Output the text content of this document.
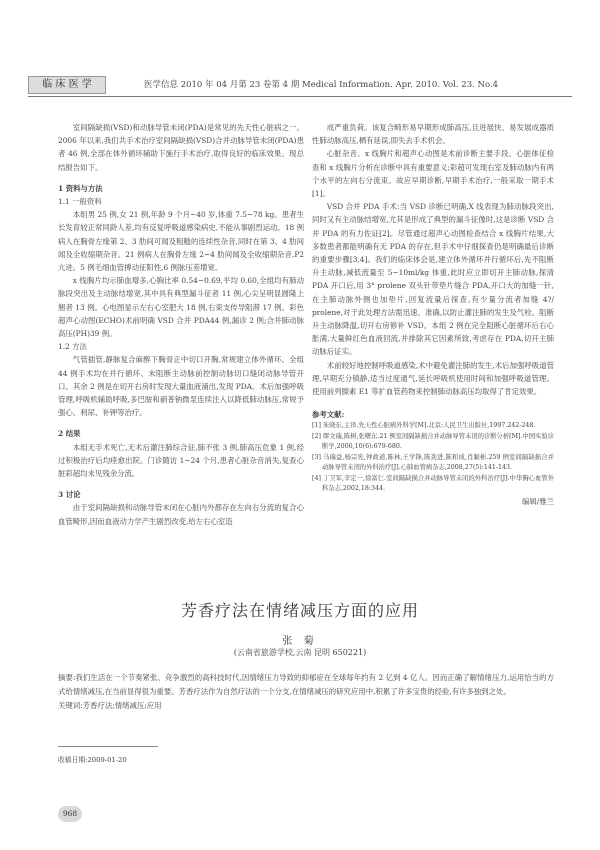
临 床 医 学	医学信息 2010 年 04 月第 23 卷第 4 期 Medical Information. Apr. 2010. Vol. 23. No.4

室间隔缺损(VSD)和动脉导管未闭(PDA)是常见的先天性心脏病之一。2006 年以来,我们共手术治疗室间隔缺损(VSD)合并动脉导管未闭(PDA)患者 46 例,全部在体外循环辅助下施行手术治疗,取得良好的临床效果。现总结报告如下。

1 资料与方法

1.1 一般资料

本组男 25 例,女 21 例,年龄 9 个月~40 岁,体重 7.5~78 kg。患者生长发育较正常同龄人差,均有反复呼吸道感染病史,不能从事剧烈运动。18 例病人在胸骨左缘第 2、3 肋间可闻及粗糙的连续性杂音,同时在第 3、4 肋间闻及全收缩期杂音。21 例病人在胸骨左缘 2~4 肋间闻及全收缩期杂音,P2 亢进。5 例毛细血管搏动征阳性,6 例脉压差增宽。

x 线胸片均示肺血增多,心胸比率 0.54~0.69,平均 0.60,全组均有肺动脉段突出及主动脉结增宽,其中具有典型漏斗征者 11 例,心尖呈明显圆隆上翘者 13 例。心电图显示左右心室肥大 18 例,右束支传导阻滞 17 例。彩色超声心动图(ECHO)术前明确 VSD 合并 PDA44 例,漏诊 2 例;合并肺动脉高压(PH)39 例。

1.2 方法

气管插管,静脉复合麻醉下胸骨正中切口开胸,常规建立体外循环。全组 44 例手术均在并行循环、未阻断主动脉前控制动脉切口缝闭动脉导管开口。其余 2 例是在切开右房时发现大量血液涌出,发现 PDA。术后加强呼吸管理,呼吸机辅助呼吸,多巴胺和硝普钠微泵连续注入以降低肺动脉压,常规予强心、利尿、补钾等治疗。

2 结果

本组无手术死亡,无术后灌注肺综合征,肺不张 3 例,肺高压危象 1 例,经过积极治疗后均痊愈出院。门诊随访 1~24 个月,患者心脏杂音消失,复查心脏彩超均未见残余分流。

3 讨论

由于室间隔缺损和动脉导管未闭在心脏内外都存在左向右分流的复合心血管畸形,因而血液动力学产生剧烈改变,给左右心室造

成严重负荷。该复合畸形易早期形成肺高压,且进展快、易发展成器质性肺动脉高压,栖有延误,即失去手术机会。

心脏杂音、x 线胸片和超声心动图是术前诊断主要手段。心脏体征检查和 x 线胸片分析在诊断中具有重要意义;彩超可发现右室及肺动脉内有两个水平的左向右分流束。故应早期诊断,早期手术治疗,一般采取一期手术[1]。

VSD 合并 PDA 手术:当 VSD 诊断已明确,X 线表现为肺动脉段突出,同时又有主动脉结增宽,尤其是形成了典型的漏斗征像时,这是诊断 VSD 合并 PDA 的有力佐证[2]。尽管通过超声心动图检查结合 x 线胸片结果,大多数患者都能明确有无 PDA 的存在,但手术中仔细探查仍是明确最后诊断的重要步骤[3,4]。我们的临床体会是,建立体外循环并行循环后,先不阻断升主动脉,减低流量至 5~10ml/kg 体重,此时应立即切开主肺动脉,探清 PDA 开口后,用 3° prolene 双头针带垫片缝合 PDA,开口大的加缝一针,在主肺动脉外侧也加垫片,回复流量后探查,有少量分流者加缝 4?/ prolene,对于此处理方法需迅速、准确,以防止灌注肺的发生及气栓。阻断升主动脉降温,切开右房修补 VSD。本组 2 例在完全阻断心脏循环后右心胀满,大量鲜红色血液回流,并排除其它因素所致,考虑存在 PDA,切开主肺动脉后证实。

术前较好地控制呼吸道感染,术中避免灌注肺的发生,术后加强呼吸道管理,早期充分镇静,适当过度通气,延长呼吸机使用时间和加强呼吸道管理。使用前列腺素 E1 等扩血管药物来控制肺动脉高压均取得了肯定效果。

参考文献:

[1] 朱晓东,主译.先天性心脏病外科学[M].北京:人民卫生出版社,1997.242-248.

[2] 缪文瑞,陈树,张曙东.21 例室间隔缺损合并动脉导管未闭的诊断分析[M].中国实验诊断学,2006,10(6):679-680.

[3] 马瑞益,杨宗宪,钟政道,陈林,王学锋,陈劲进,陈和成,肖颖彬.259 例室间隔缺损合并动脉导管未闭的外科治疗[J].心肺血管病杂志,2008,27(5):141-143.

[4] 丁卫军,辛定一,徐富仁.室间隔缺损合并动脉导管未闭的外科治疗[J].中华胸心血管外科杂志,2002,18:344.

编辑/雅兰

芳香疗法在情绪减压方面的应用
张 菊
(云南省旅游学校,云南 昆明 650221)

摘要:我们生活在一个节奏紧张、竞争激烈的高科技时代,因情绪压力导致的抑郁症在全球每年约有 2 亿到 4 亿人。因而正确了解情绪压力,运用恰当的方式给情绪减压,在当前显得很为重要。芳香疗法作为自然疗法的一个分支,在情绪减压的研究应用中,积累了许多宝贵的经验,有许多独到之处。

关键词:芳香疗法;情绪减压;应用

收稿日期:2009-01-20
968
